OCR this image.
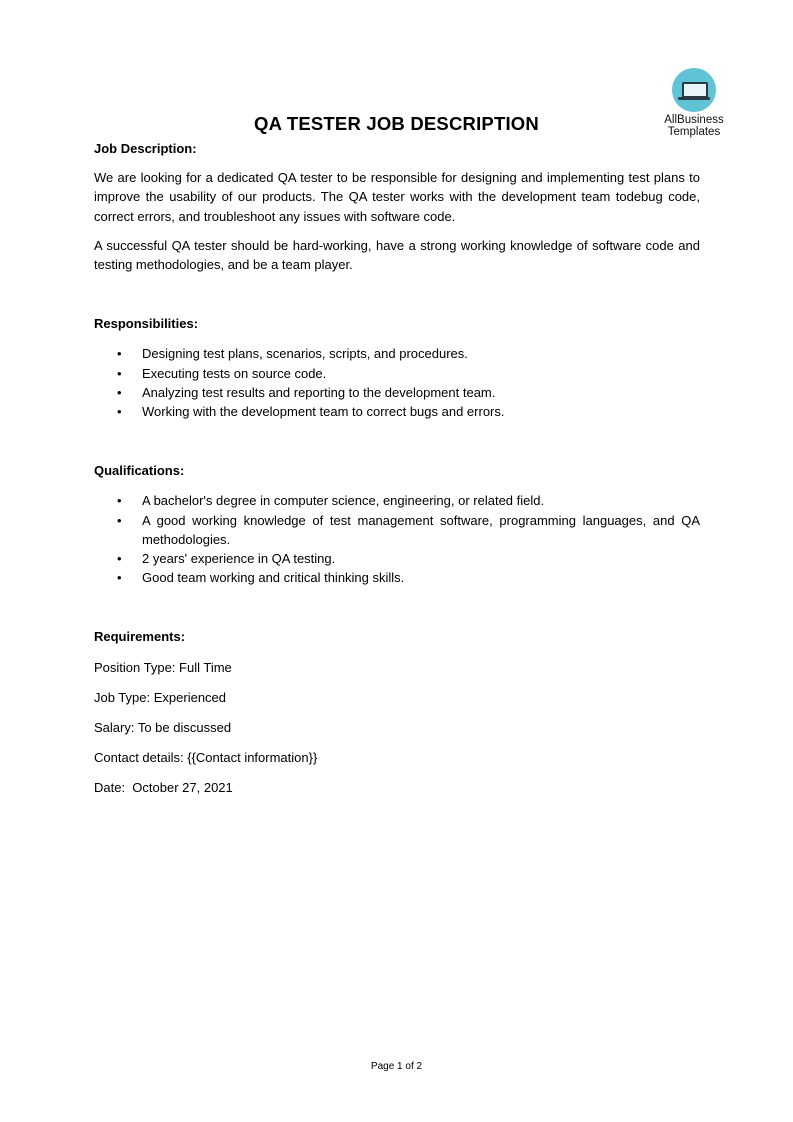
AllBusiness
Templates
QA TESTER JOB DESCRIPTION

Job Description:

We are looking for a dedicated QA tester to be responsible for designing and implementing test plans to improve the usability of our products. The QA tester works with the development team todebug code, correct errors, and troubleshoot any issues with software code.

A successful QA tester should be hard-working, have a strong working knowledge of software code and testing methodologies, and be a team player.

Responsibilities:

• Designing test plans, scenarios, scripts, and procedures.
• Executing tests on source code.
• Analyzing test results and reporting to the development team.
• Working with the development team to correct bugs and errors.

Qualifications:

• A bachelor's degree in computer science, engineering, or related field.
• A good working knowledge of test management software, programming languages, and QA methodologies.
• 2 years' experience in QA testing.
• Good team working and critical thinking skills.

Requirements:

Position Type: Full Time

Job Type: Experienced

Salary: To be discussed

Contact details: {{Contact information}}

Date:  October 27, 2021

Page 1 of 2
